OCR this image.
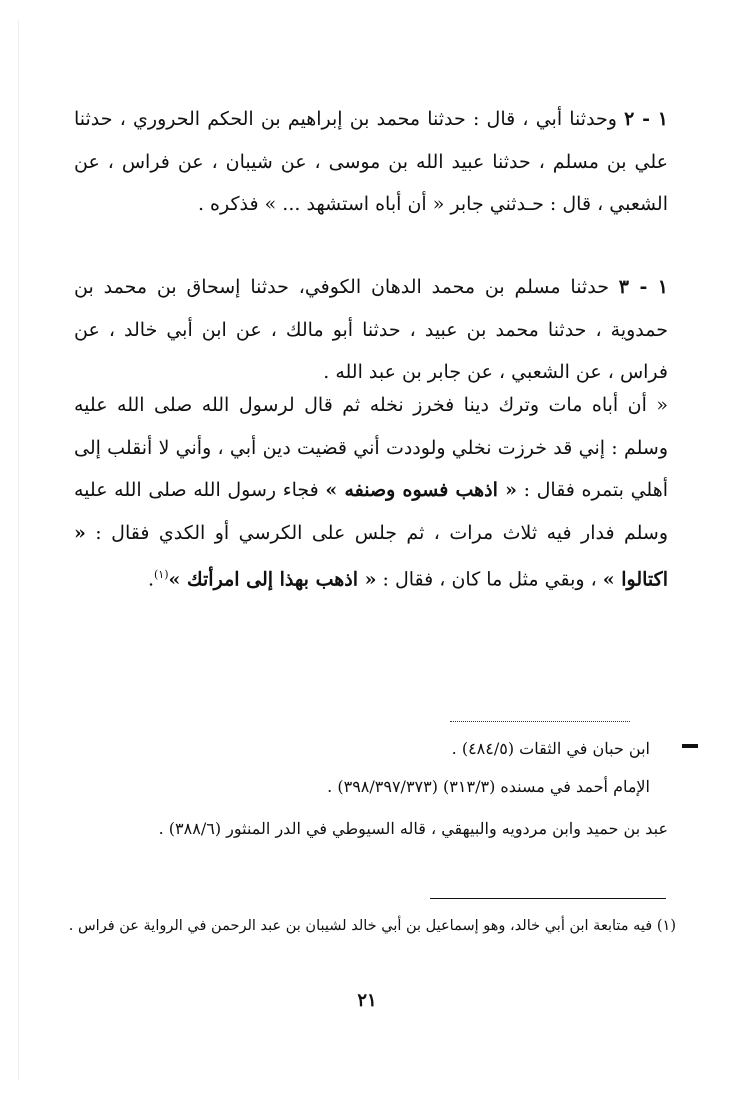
١ - ٢ وحدثنا أبي ، قال : حدثنا محمد بن إبراهيم بن الحكم الحروري ، حدثنا علي بن مسلم ، حدثنا عبيد الله بن موسى ، عن شيبان ، عن فراس ، عن الشعبي ، قال : حـدثني جابر « أن أباه استشهد ... » فذكره .
١ - ٣ حدثنا مسلم بن محمد الدهان الكوفي، حدثنا إسحاق بن محمد بن حمدوية ، حدثنا محمد بن عبيد ، حدثنا أبو مالك ، عن ابن أبي خالد ، عن فراس ، عن الشعبي ، عن جابر بن عبد الله .
« أن أباه مات وترك دينا فخرز نخله ثم قال لرسول الله صلى الله عليه وسلم : إني قد خرزت نخلي ولوددت أني قضيت دين أبي ، وأني لا أنقلب إلى أهلي بتمره فقال : « اذهب فسوه وصنفه » فجاء رسول الله صلى الله عليه وسلم فدار فيه ثلاث مرات ، ثم جلس على الكرسي أو الكدي فقال : « اكتالوا » ، وبقي مثل ما كان ، فقال : « اذهب بهذا إلى امرأتك »$^{(١)}$.
ابن حبان في الثقات (٤٨٤/٥) .
الإمام أحمد في مسنده (٣١٣/٣) (٣٩٨/٣٩٧/٣٧٣) .
عبد بن حميد وابن مردويه والبيهقي ، قاله السيوطي في الدر المنثور (٣٨٨/٦) .
(١) فيه متابعة ابن أبي خالد، وهو إسماعيل بن أبي خالد لشيبان بن عبد الرحمن في الرواية عن فراس .
٢١
